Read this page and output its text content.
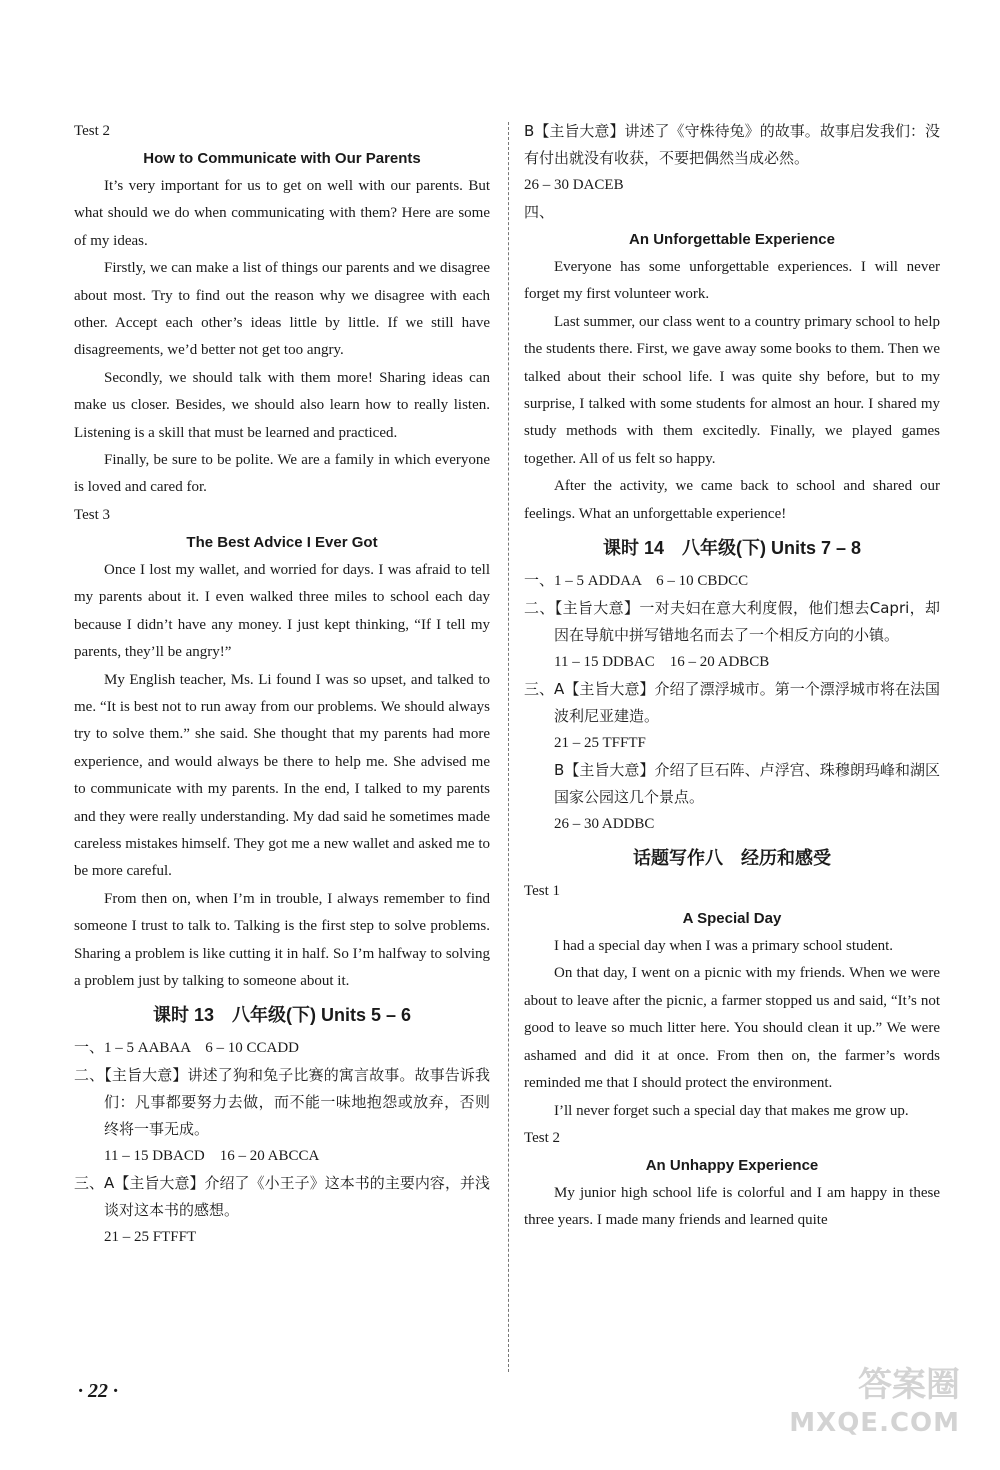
Test 2

How to Communicate with Our Parents

It’s very important for us to get on well with our parents. But what should we do when communicating with them? Here are some of my ideas.

Firstly, we can make a list of things our parents and we disagree about most. Try to find out the reason why we disagree with each other. Accept each other’s ideas little by little. If we still have disagreements, we’d better not get too angry.

Secondly, we should talk with them more! Sharing ideas can make us closer. Besides, we should also learn how to really listen. Listening is a skill that must be learned and practiced.

Finally, be sure to be polite. We are a family in which everyone is loved and cared for.

Test 3

The Best Advice I Ever Got

Once I lost my wallet, and worried for days. I was afraid to tell my parents about it. I even walked three miles to school each day because I didn’t have any money. I just kept thinking, “If I tell my parents, they’ll be angry!”

My English teacher, Ms. Li found I was so upset, and talked to me. “It is best not to run away from our problems. We should always try to solve them.” she said. She thought that my parents had more experience, and would always be there to help me. She advised me to communicate with my parents. In the end, I talked to my parents and they were really understanding. My dad said he sometimes made careless mistakes himself. They got me a new wallet and asked me to be more careful.

From then on, when I’m in trouble, I always remember to find someone I trust to talk to. Talking is the first step to solve problems. Sharing a problem is like cutting it in half. So I’m halfway to solving a problem just by talking to someone about it.

课时 13　八年级(下) Units 5 – 6

一、1 – 5 AABAA　6 – 10 CCADD

二、【主旨大意】讲述了狗和兔子比赛的寓言故事。故事告诉我们：凡事都要努力去做，而不能一味地抱怨或放弃，否则终将一事无成。

11 – 15 DBACD　16 – 20 ABCCA

三、A【主旨大意】介绍了《小王子》这本书的主要内容，并浅谈对这本书的感想。

21 – 25 FTFFT

B【主旨大意】讲述了《守株待兔》的故事。故事启发我们：没有付出就没有收获，不要把偶然当成必然。

26 – 30 DACEB

四、

An Unforgettable Experience

Everyone has some unforgettable experiences. I will never forget my first volunteer work.

Last summer, our class went to a country primary school to help the students there. First, we gave away some books to them. Then we talked about their school life. I was quite shy before, but to my surprise, I talked with some students for almost an hour. I shared my study methods with them excitedly. Finally, we played games together. All of us felt so happy.

After the activity, we came back to school and shared our feelings. What an unforgettable experience!

课时 14　八年级(下) Units 7 – 8

一、1 – 5 ADDAA　6 – 10 CBDCC

二、【主旨大意】一对夫妇在意大利度假，他们想去Capri，却因在导航中拼写错地名而去了一个相反方向的小镇。

11 – 15 DDBAC　16 – 20 ADBCB

三、A【主旨大意】介绍了漂浮城市。第一个漂浮城市将在法国波利尼亚建造。

21 – 25 TFFTF

B【主旨大意】介绍了巨石阵、卢浮宫、珠穆朗玛峰和湖区国家公园这几个景点。

26 – 30 ADDBC

话题写作八　经历和感受

Test 1

A Special Day

I had a special day when I was a primary school student.

On that day, I went on a picnic with my friends. When we were about to leave after the picnic, a farmer stopped us and said, “It’s not good to leave so much litter here. You should clean it up.” We were ashamed and did it at once. From then on, the farmer’s words reminded me that I should protect the environment.

I’ll never forget such a special day that makes me grow up.

Test 2

An Unhappy Experience

My junior high school life is colorful and I am happy in these three years. I made many friends and learned quite

· 22 ·	答案圈
MXQE.COM
